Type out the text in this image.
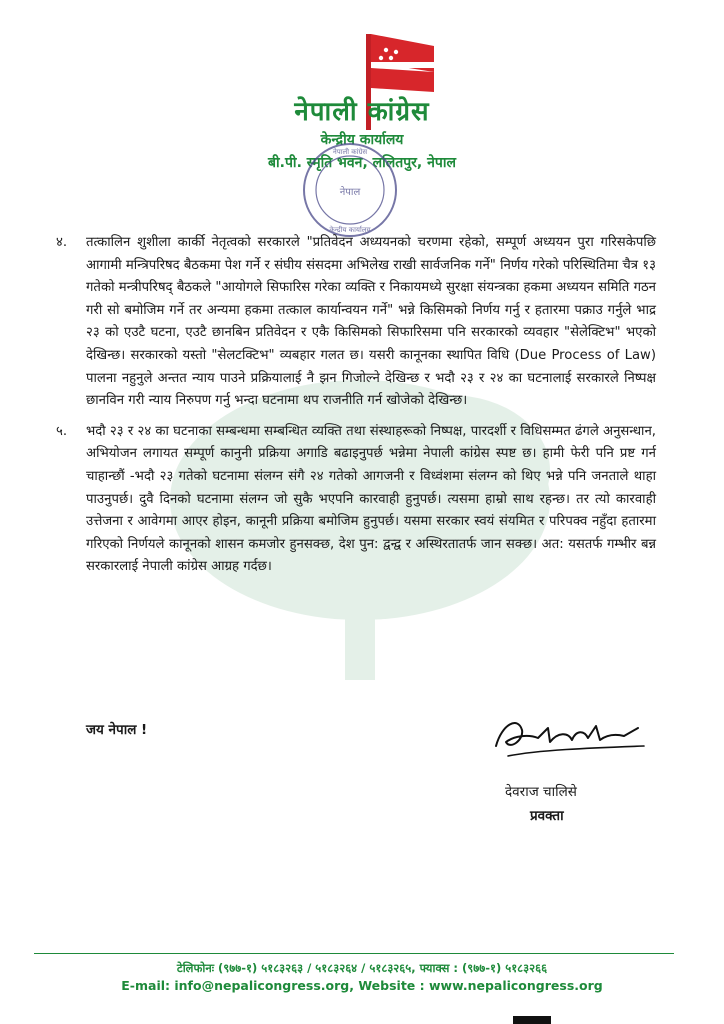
नेपाली कांग्रेस
केन्द्रीय कार्यालय
बी.पी. स्मृति भवन, ललितपुर, नेपाल
नेपाल
नेपाली कांग्रेस
केन्द्रीय कार्यालय
४. तत्कालिन शुशीला कार्की नेतृत्वको सरकारले "प्रतिवेदन अध्ययनको चरणमा रहेको, सम्पूर्ण अध्ययन पुरा गरिसकेपछि आगामी मन्त्रिपरिषद बैठकमा पेश गर्ने र संघीय संसदमा अभिलेख राखी सार्वजनिक गर्ने" निर्णय गरेको परिस्थितिमा चैत्र १३ गतेको मन्त्रीपरिषद् बैठकले "आयोगले सिफारिस गरेका व्यक्ति र निकायमध्ये सुरक्षा संयन्त्रका हकमा अध्ययन समिति गठन गरी सो बमोजिम गर्ने तर अन्यमा हकमा तत्काल कार्यान्वयन गर्ने" भन्ने किसिमको निर्णय गर्नु र हतारमा पक्राउ गर्नुले भाद्र २३ को एउटै घटना, एउटै छानबिन प्रतिवेदन र एकै किसिमको सिफारिसमा पनि सरकारको व्यवहार "सेलेक्टिभ" भएको देखिन्छ। सरकारको यस्तो "सेलटक्टिभ" व्यबहार गलत छ। यसरी कानूनका स्थापित विधि (Due Process of Law) पालना नहुनुले अन्तत न्याय पाउने प्रक्रियालाई नै झन गिजोल्ने देखिन्छ र भदौ २३ र २४ का घटनालाई सरकारले निष्पक्ष छानविन गरी न्याय निरुपण गर्नु भन्दा घटनामा थप राजनीति गर्न खोजेको देखिन्छ।
५. भदौ २३ र २४ का घटनाका सम्बन्धमा सम्बन्धित व्यक्ति तथा संस्थाहरूको निष्पक्ष, पारदर्शी र विधिसम्मत ढंगले अनुसन्धान, अभियोजन लगायत सम्पूर्ण कानुनी प्रक्रिया अगाडि बढाइनुपर्छ भन्नेमा नेपाली कांग्रेस स्पष्ट छ। हामी फेरी पनि प्रष्ट गर्न चाहान्छौं -भदौ २३ गतेको घटनामा संलग्न संगै २४ गतेको आगजनी र विध्वंशमा संलग्न को थिए भन्ने पनि जनताले थाहा पाउनुपर्छ। दुवै दिनको घटनामा संलग्न जो सुकै भएपनि कारवाही हुनुपर्छ। त्यसमा हाम्रो साथ रहन्छ। तर त्यो कारवाही उत्तेजना र आवेगमा आएर होइन, कानूनी प्रक्रिया बमोजिम हुनुपर्छ। यसमा सरकार स्वयं संयमित र परिपक्व नहुँदा हतारमा गरिएको निर्णयले कानूनको शासन कमजोर हुनसक्छ, देश पुन: द्वन्द्व र अस्थिरतातर्फ जान सक्छ। अत: यसतर्फ गम्भीर बन्न सरकारलाई नेपाली कांग्रेस आग्रह गर्दछ।
जय नेपाल !
देवराज चालिसे
प्रवक्ता
टेलिफोनः (९७७-१) ५१८३२६३ / ५१८३२६४ / ५१८३२६५, फ्याक्स : (९७७-१) ५१८३२६६
E-mail: info@nepalicongress.org, Website : www.nepalicongress.org
